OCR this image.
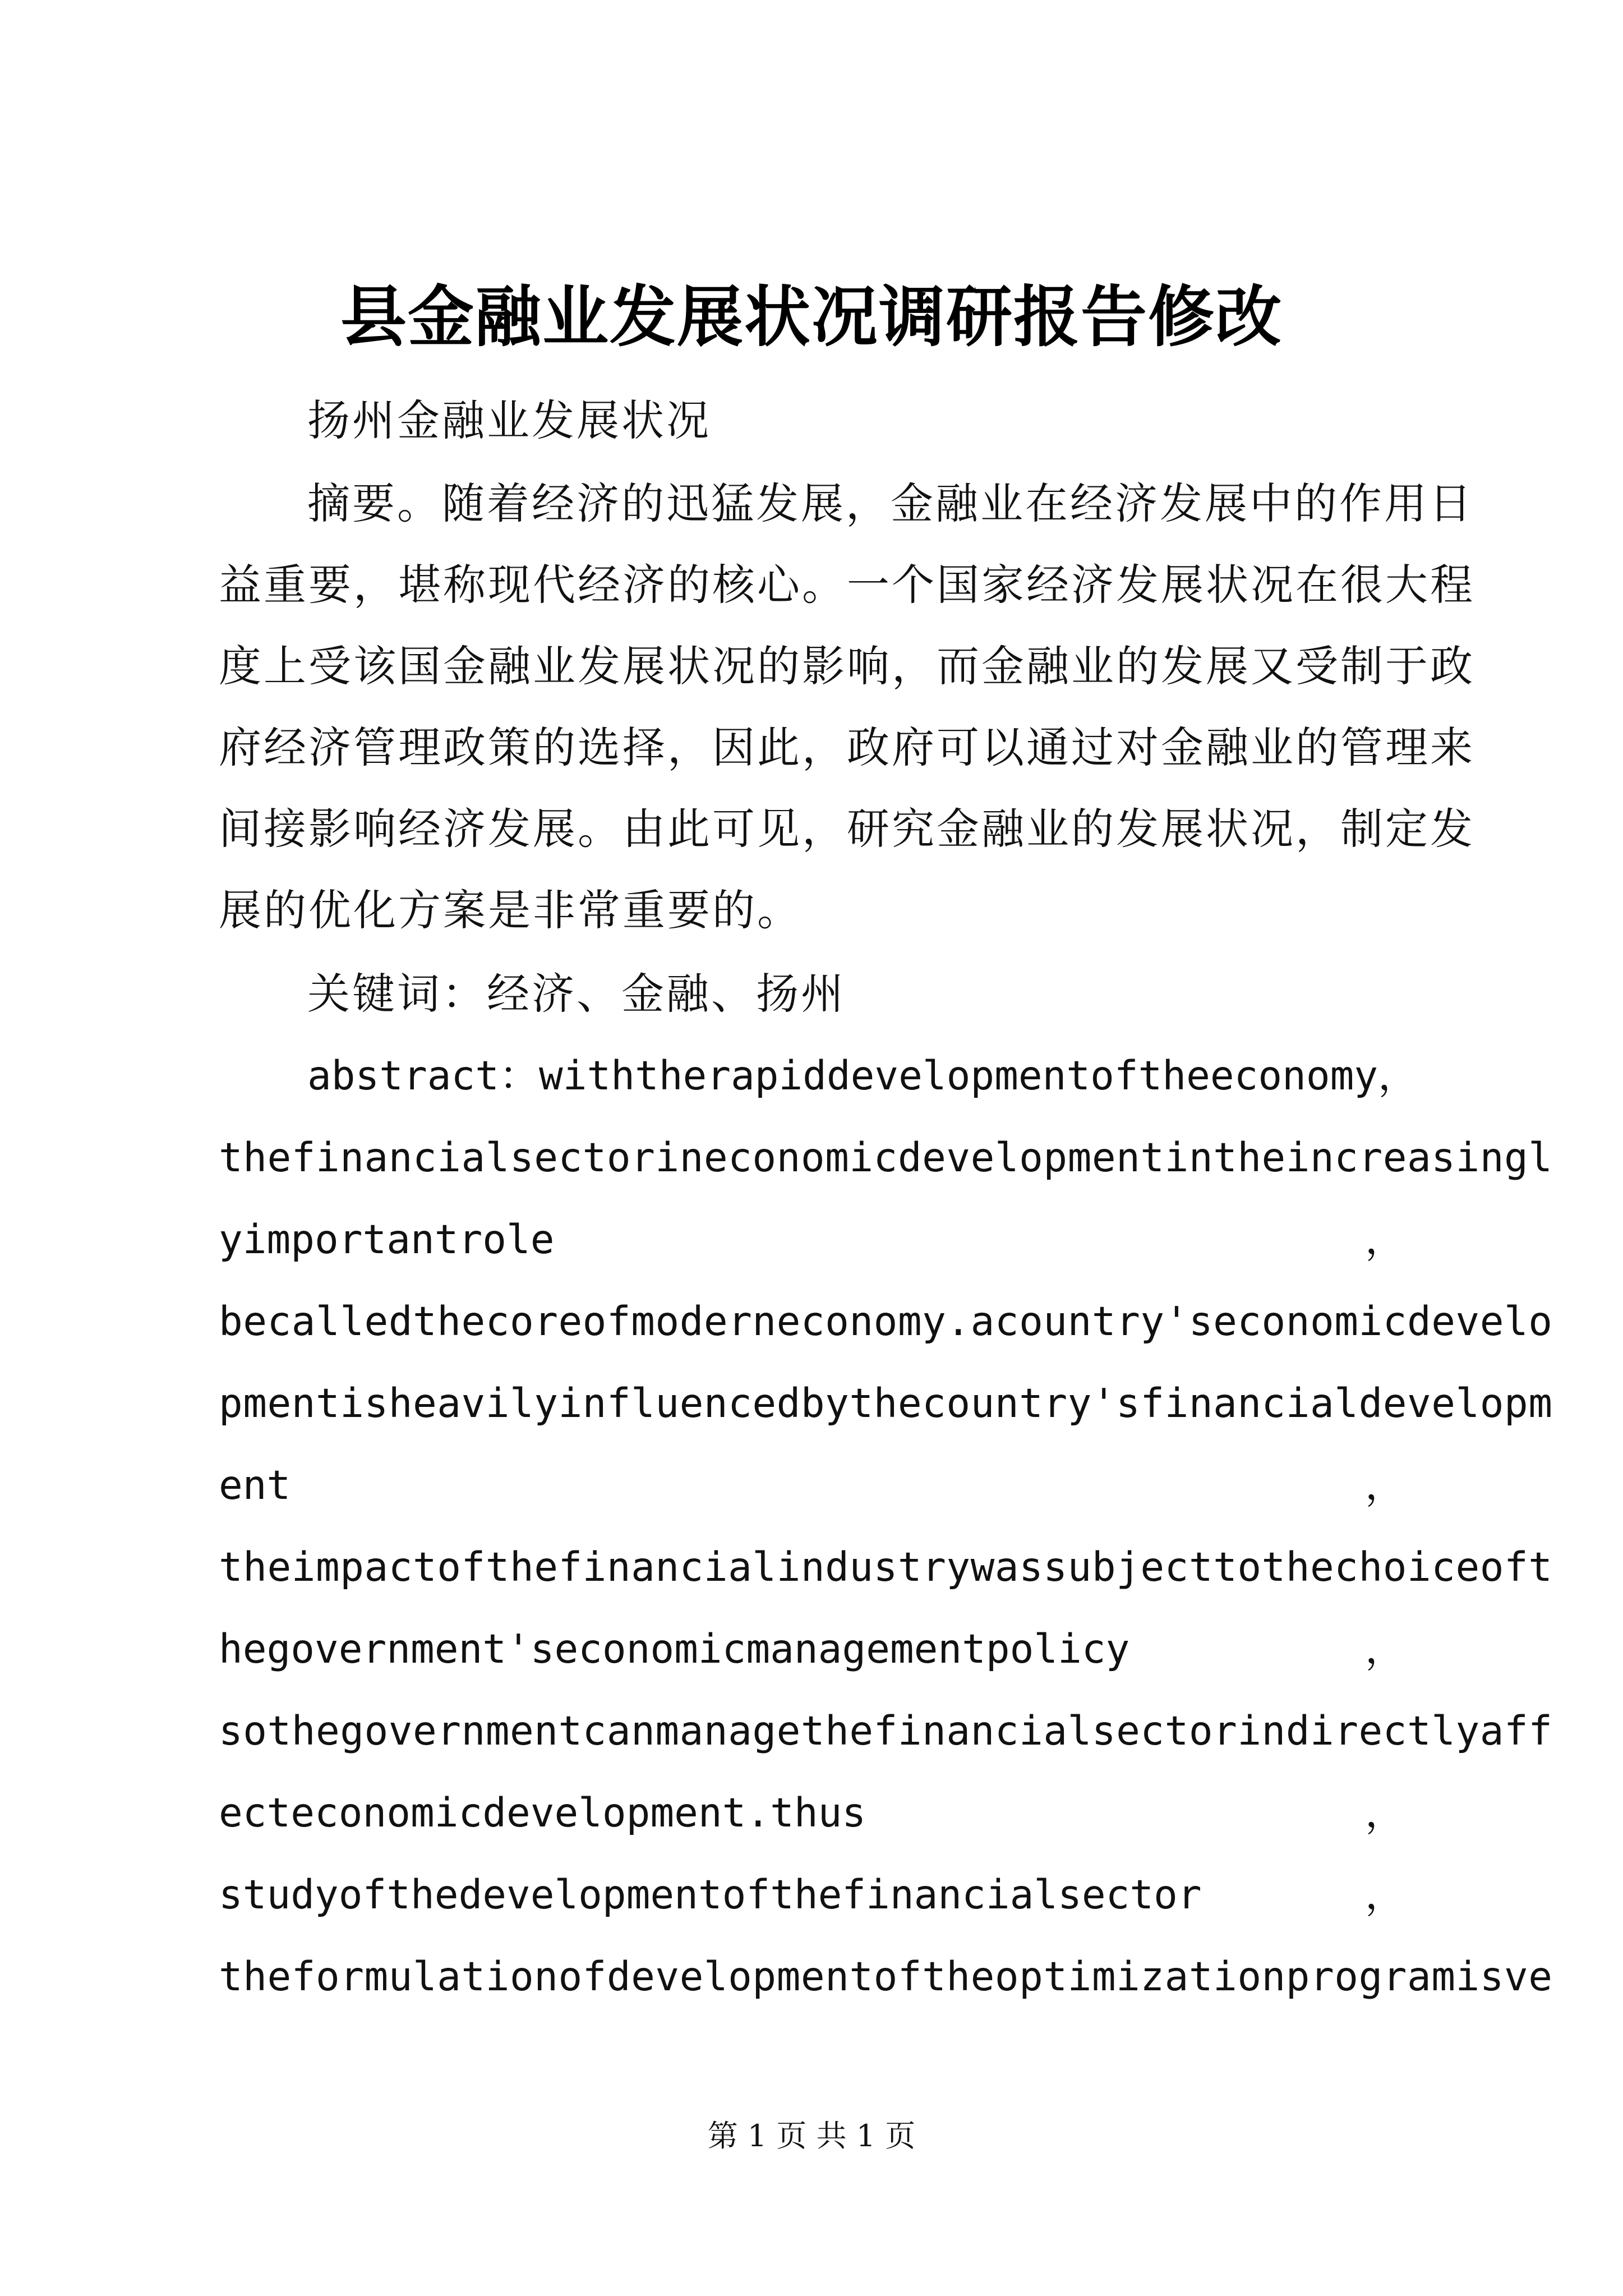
县金融业发展状况调研报告修改
扬州金融业发展状况
摘要。随着经济的迅猛发展，金融业在经济发展中的作用日
益重要，堪称现代经济的核心。一个国家经济发展状况在很大程
度上受该国金融业发展状况的影响，而金融业的发展又受制于政
府经济管理政策的选择，因此，政府可以通过对金融业的管理来
间接影响经济发展。由此可见，研究金融业的发展状况，制定发
展的优化方案是非常重要的。
关键词：经济、金融、扬州
abstract ： withtherapiddevelopmentoftheeconomy ，
thefinancialsectorineconomicdevelopmentintheincreasingl
yimportantrole	，
becalledthecoreofmoderneconomy.acountry'seconomicdevelo
pmentisheavilyinfluencedbythecountry'sfinancialdevelopm
ent	，
theimpactofthefinancialindustrywassubjecttothechoiceoft
hegovernment'seconomicmanagementpolicy	，
sothegovernmentcanmanagethefinancialsectorindirectlyaff
ecteconomicdevelopment.thus	，
studyofthedevelopmentofthefinancialsector	，
theformulationofdevelopmentoftheoptimizationprogramisve
第 1 页 共 1 页
